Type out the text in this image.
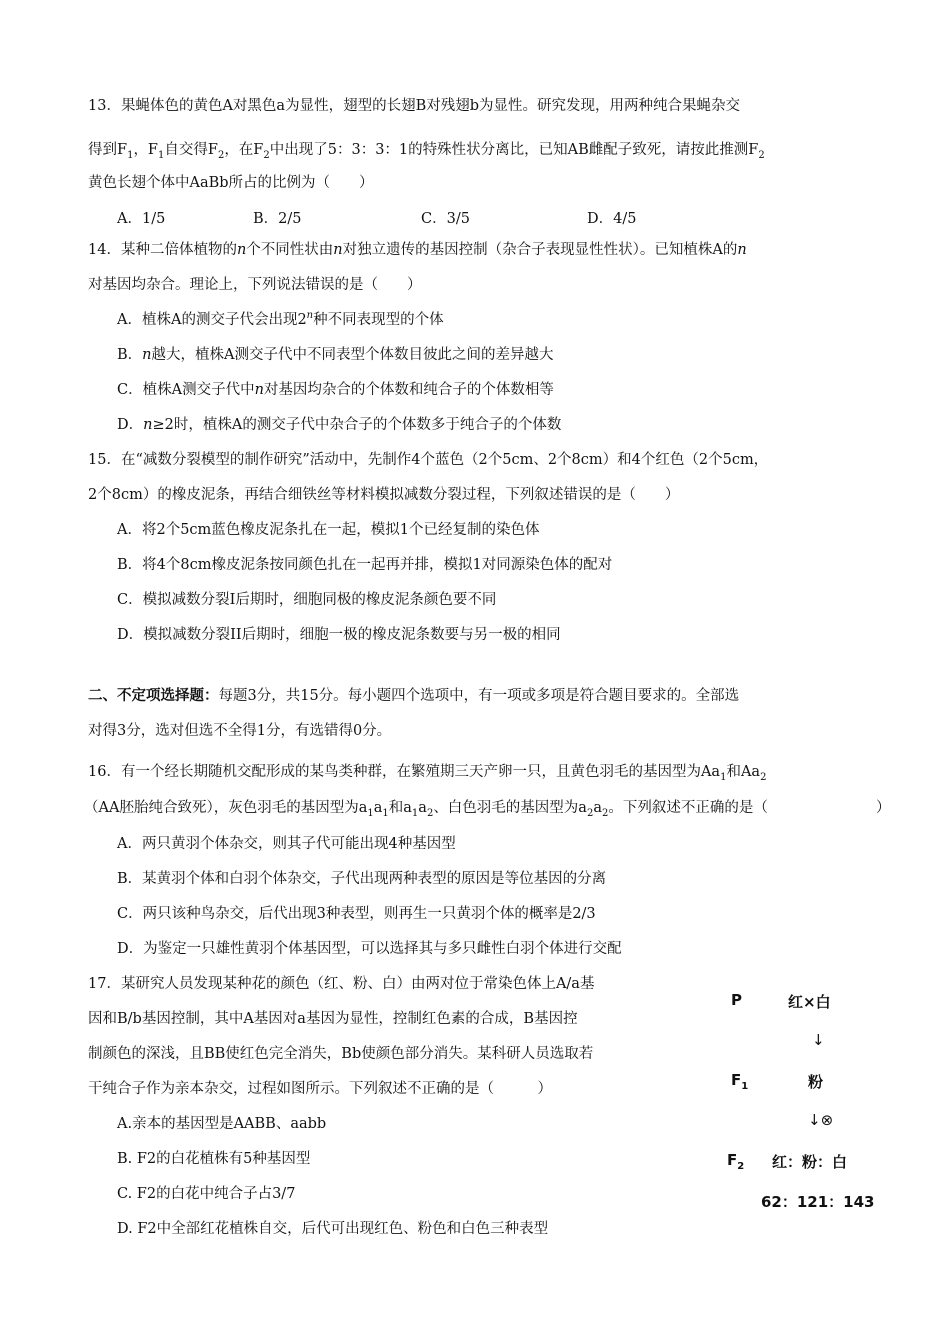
13．果蝇体色的黄色A对黑色a为显性，翅型的长翅B对残翅b为显性。研究发现，用两种纯合果蝇杂交
得到$F_1$，$F_1$自交得$F_2$，在$F_2$中出现了5：3：3：1的特殊性状分离比，已知AB雌配子致死，请按此推测$F_2$
黄色长翅个体中AaBb所占的比例为（　　）
A．1/5	B．2/5	C．3/5	D．4/5
14．某种二倍体植物的n个不同性状由n对独立遗传的基因控制（杂合子表现显性性状）。已知植株A的n
对基因均杂合。理论上，下列说法错误的是（　　）
A．植株A的测交子代会出现2$^n$种不同表现型的个体
B．n越大，植株A测交子代中不同表型个体数目彼此之间的差异越大
C．植株A测交子代中n对基因均杂合的个体数和纯合子的个体数相等
D．n≥2时，植株A的测交子代中杂合子的个体数多于纯合子的个体数
15．在“减数分裂模型的制作研究”活动中，先制作4个蓝色（2个5cm、2个8cm）和4个红色（2个5cm，
2个8cm）的橡皮泥条，再结合细铁丝等材料模拟减数分裂过程，下列叙述错误的是（　　）
A．将2个5cm蓝色橡皮泥条扎在一起，模拟1个已经复制的染色体
B．将4个8cm橡皮泥条按同颜色扎在一起再并排，模拟1对同源染色体的配对
C．模拟减数分裂I后期时，细胞同极的橡皮泥条颜色要不同
D．模拟减数分裂II后期时，细胞一极的橡皮泥条数要与另一极的相同
二、不定项选择题：每题3分，共15分。每小题四个选项中，有一项或多项是符合题目要求的。全部选
对得3分，选对但选不全得1分，有选错得0分。
16．有一个经长期随机交配形成的某鸟类种群，在繁殖期三天产卵一只，且黄色羽毛的基因型为$Aa_1$和$Aa_2$
（AA胚胎纯合致死），灰色羽毛的基因型为$a_1a_1$和$a_1a_2$、白色羽毛的基因型为$a_2a_2$。下列叙述不正确的是（	）
A．两只黄羽个体杂交，则其子代可能出现4种基因型
B．某黄羽个体和白羽个体杂交，子代出现两种表型的原因是等位基因的分离
C．两只该种鸟杂交，后代出现3种表型，则再生一只黄羽个体的概率是2/3
D．为鉴定一只雄性黄羽个体基因型，可以选择其与多只雌性白羽个体进行交配
17．某研究人员发现某种花的颜色（红、粉、白）由两对位于常染色体上A/a基
因和B/b基因控制，其中A基因对a基因为显性，控制红色素的合成，B基因控
制颜色的深浅，且BB使红色完全消失，Bb使颜色部分消失。某科研人员选取若
干纯合子作为亲本杂交，过程如图所示。下列叙述不正确的是（　　　）
A.亲本的基因型是AABB、aabb
B. F2的白花植株有5种基因型
C. F2的白花中纯合子占3/7
D. F2中全部红花植株自交，后代可出现红色、粉色和白色三种表型
P	红×白
↓
$F_1$	粉
↓⊗
$F_2$ 红：粉：白
62：121：143
